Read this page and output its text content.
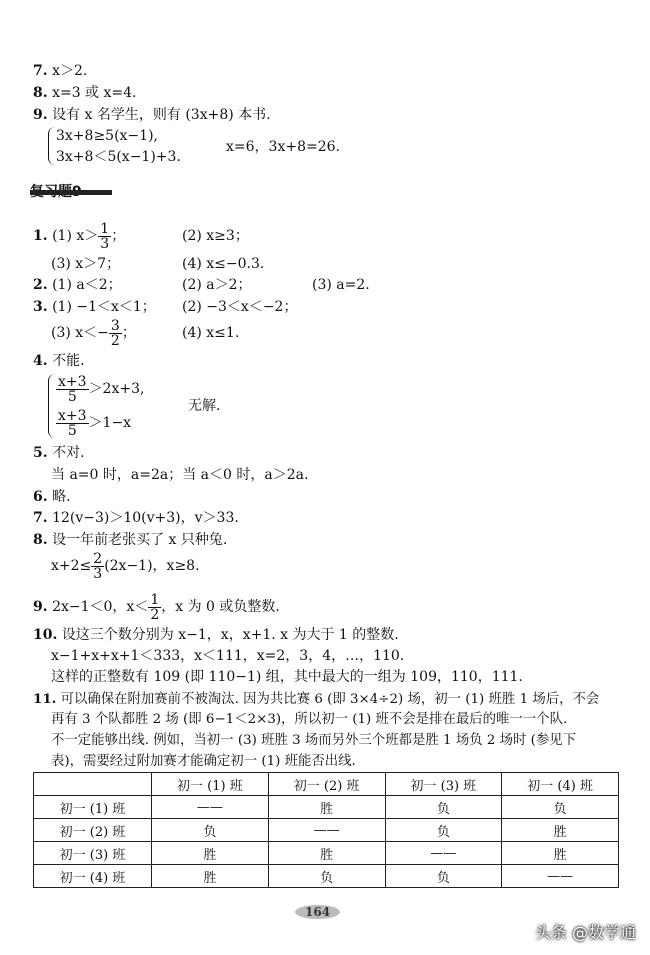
7. x＞2.
8. x=3 或 x=4.
9. 设有 x 名学生，则有 (3x+8) 本书.
3x+8≥5(x−1),
3x+8＜5(x−1)+3.
x=6，3x+8=26.
1. (1) $x> \frac{1}{3}$ ；	(2) x≥3；
(3) x＞7；	(4) x≤−0.3.
2. (1) a＜2；	(2) a＞2；	(3) a=2.
3. (1) −1＜x＜1； (2) −3＜x＜−2；
(3) $x<- \frac{3}{2}$ ；	(4) x≤1.
4. 不能.
$\frac{x+3}{5} >2x+3$,
$\frac{x+3}{5} >1-x$
无解.
5. 不对.
当 a=0 时，a=2a；当 a＜0 时，a＞2a.
6. 略.
7. 12(v−3)＞10(v+3)，v＞33.
8. 设一年前老张买了 x 只种兔.
$x+2\le \frac{2}{3} (2x-1)$，x≥8.
9. 2x−1＜0，$x< \frac{1}{2}$ ，x 为 0 或负整数.
10. 设这三个数分别为 x−1，x，x+1. x 为大于 1 的整数.
x−1+x+x+1＜333，x＜111，x=2，3，4，…，110.
这样的正整数有 109 (即 110−1) 组，其中最大的一组为 109，110，111.
11. 可以确保在附加赛前不被淘汰. 因为共比赛 6 (即 3×4÷2) 场，初一 (1) 班胜 1 场后，不会
再有 3 个队都胜 2 场 (即 6−1＜2×3)，所以初一 (1) 班不会是排在最后的唯一一个队.
不一定能够出线. 例如，当初一 (3) 班胜 3 场而另外三个班都是胜 1 场负 2 场时 (参见下
表)，需要经过附加赛才能确定初一 (1) 班能否出线.
	初一 (1) 班	初一 (2) 班	初一 (3) 班	初一 (4) 班
初一 (1) 班	——	胜	负	负
初一 (2) 班	负	——	负	胜
初一 (3) 班	胜	胜	——	胜
初一 (4) 班	胜	负	负	——
164
头条 @数学通
